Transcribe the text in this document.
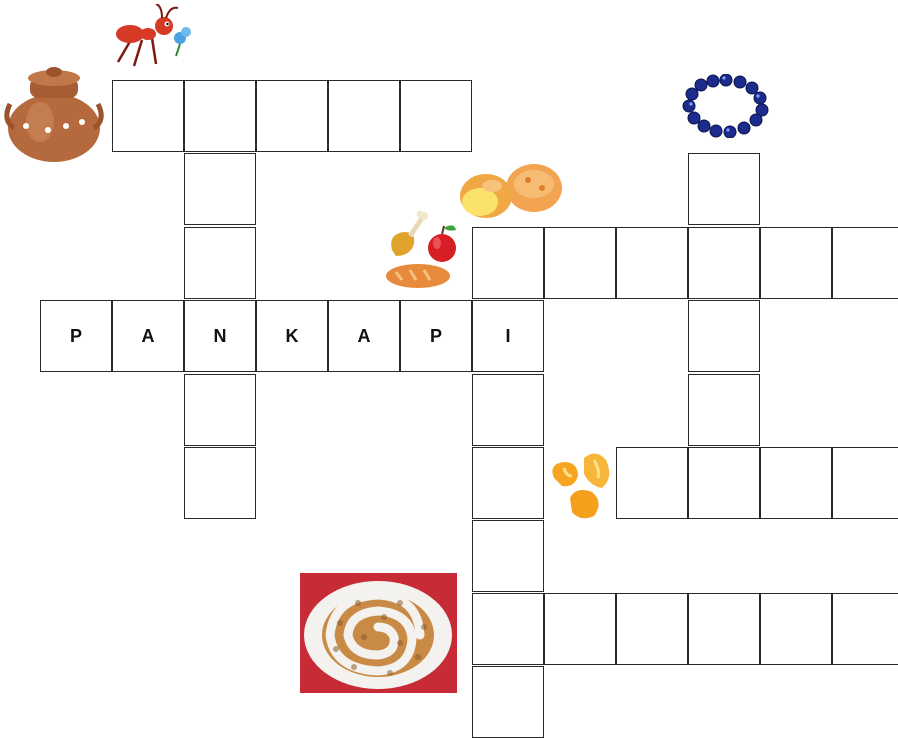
P	A	N	K	A	P	I
